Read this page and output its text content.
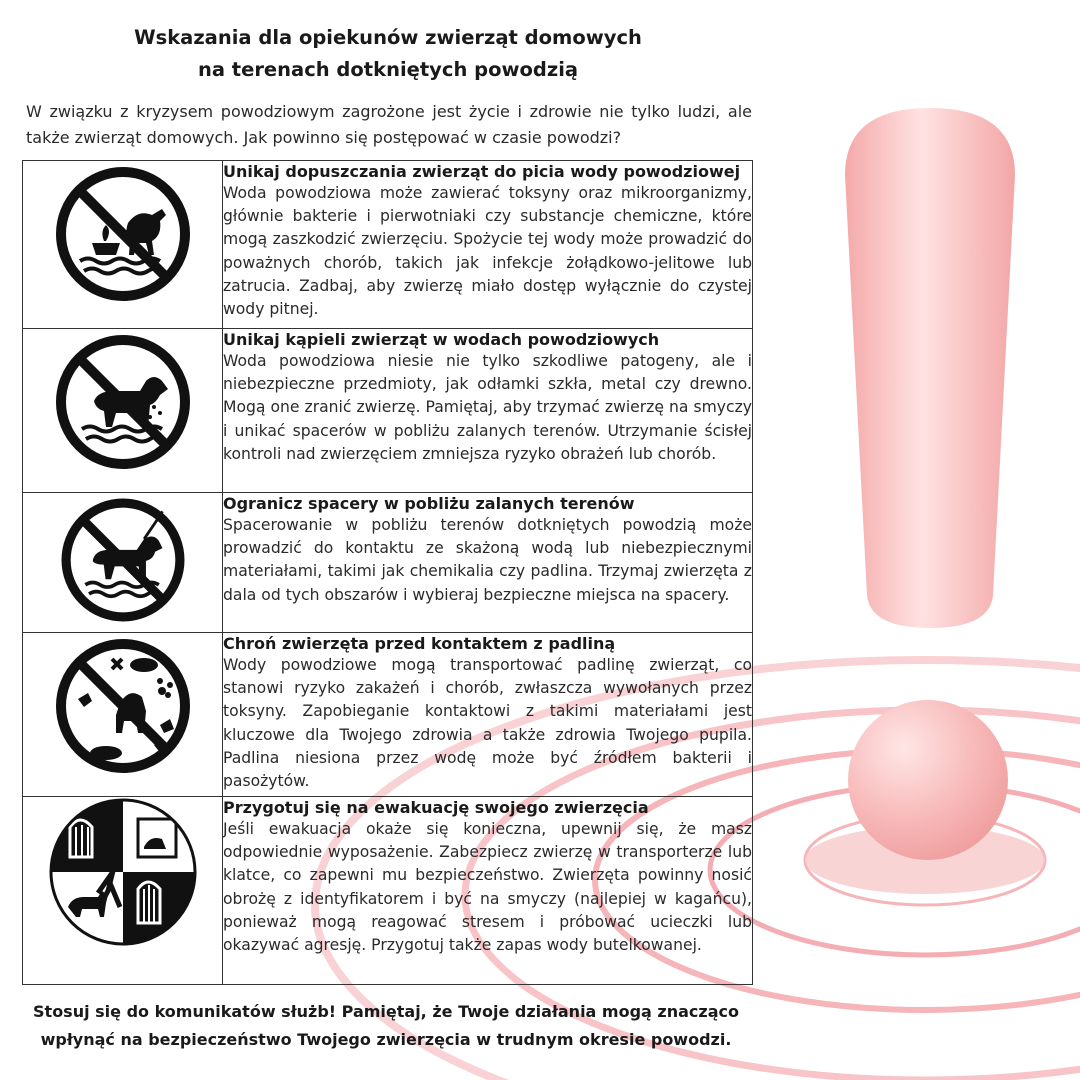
Wskazania dla opiekunów zwierząt domowych
na terenach dotkniętych powodzią
W związku z kryzysem powodziowym zagrożone jest życie i zdrowie nie tylko ludzi, ale także zwierząt domowych. Jak powinno się postępować w czasie powodzi?

Unikaj dopuszczania zwierząt do picia wody powodziowej
Woda powodziowa może zawierać toksyny oraz mikroorganizmy, głównie bakterie i pierwotniaki czy substancje chemiczne, które mogą zaszkodzić zwierzęciu. Spożycie tej wody może prowadzić do poważnych chorób, takich jak infekcje żołądkowo-jelitowe lub zatrucia. Zadbaj, aby zwierzę miało dostęp wyłącznie do czystej wody pitnej.

Unikaj kąpieli zwierząt w wodach powodziowych
Woda powodziowa niesie nie tylko szkodliwe patogeny, ale i niebezpieczne przedmioty, jak odłamki szkła, metal czy drewno. Mogą one zranić zwierzę. Pamiętaj, aby trzymać zwierzę na smyczy i unikać spacerów w pobliżu zalanych terenów. Utrzymanie ścisłej kontroli nad zwierzęciem zmniejsza ryzyko obrażeń lub chorób.

Ogranicz spacery w pobliżu zalanych terenów
Spacerowanie w pobliżu terenów dotkniętych powodzią może prowadzić do kontaktu ze skażoną wodą lub niebezpiecznymi materiałami, takimi jak chemikalia czy padlina. Trzymaj zwierzęta z dala od tych obszarów i wybieraj bezpieczne miejsca na spacery.

Chroń zwierzęta przed kontaktem z padliną
Wody powodziowe mogą transportować padlinę zwierząt, co stanowi ryzyko zakażeń i chorób, zwłaszcza wywołanych przez toksyny. Zapobieganie kontaktowi z takimi materiałami jest kluczowe dla Twojego zdrowia a także zdrowia Twojego pupila. Padlina niesiona przez wodę może być źródłem bakterii i pasożytów.

Przygotuj się na ewakuację swojego zwierzęcia
Jeśli ewakuacja okaże się konieczna, upewnij się, że masz odpowiednie wyposażenie. Zabezpiecz zwierzę w transporterze lub klatce, co zapewni mu bezpieczeństwo. Zwierzęta powinny nosić obrożę z identyfikatorem i być na smyczy (najlepiej w kagańcu), ponieważ mogą reagować stresem i próbować ucieczki lub okazywać agresję. Przygotuj także zapas wody butelkowanej.
Stosuj się do komunikatów służb! Pamiętaj, że Twoje działania mogą znacząco
wpłynąć na bezpieczeństwo Twojego zwierzęcia w trudnym okresie powodzi.
